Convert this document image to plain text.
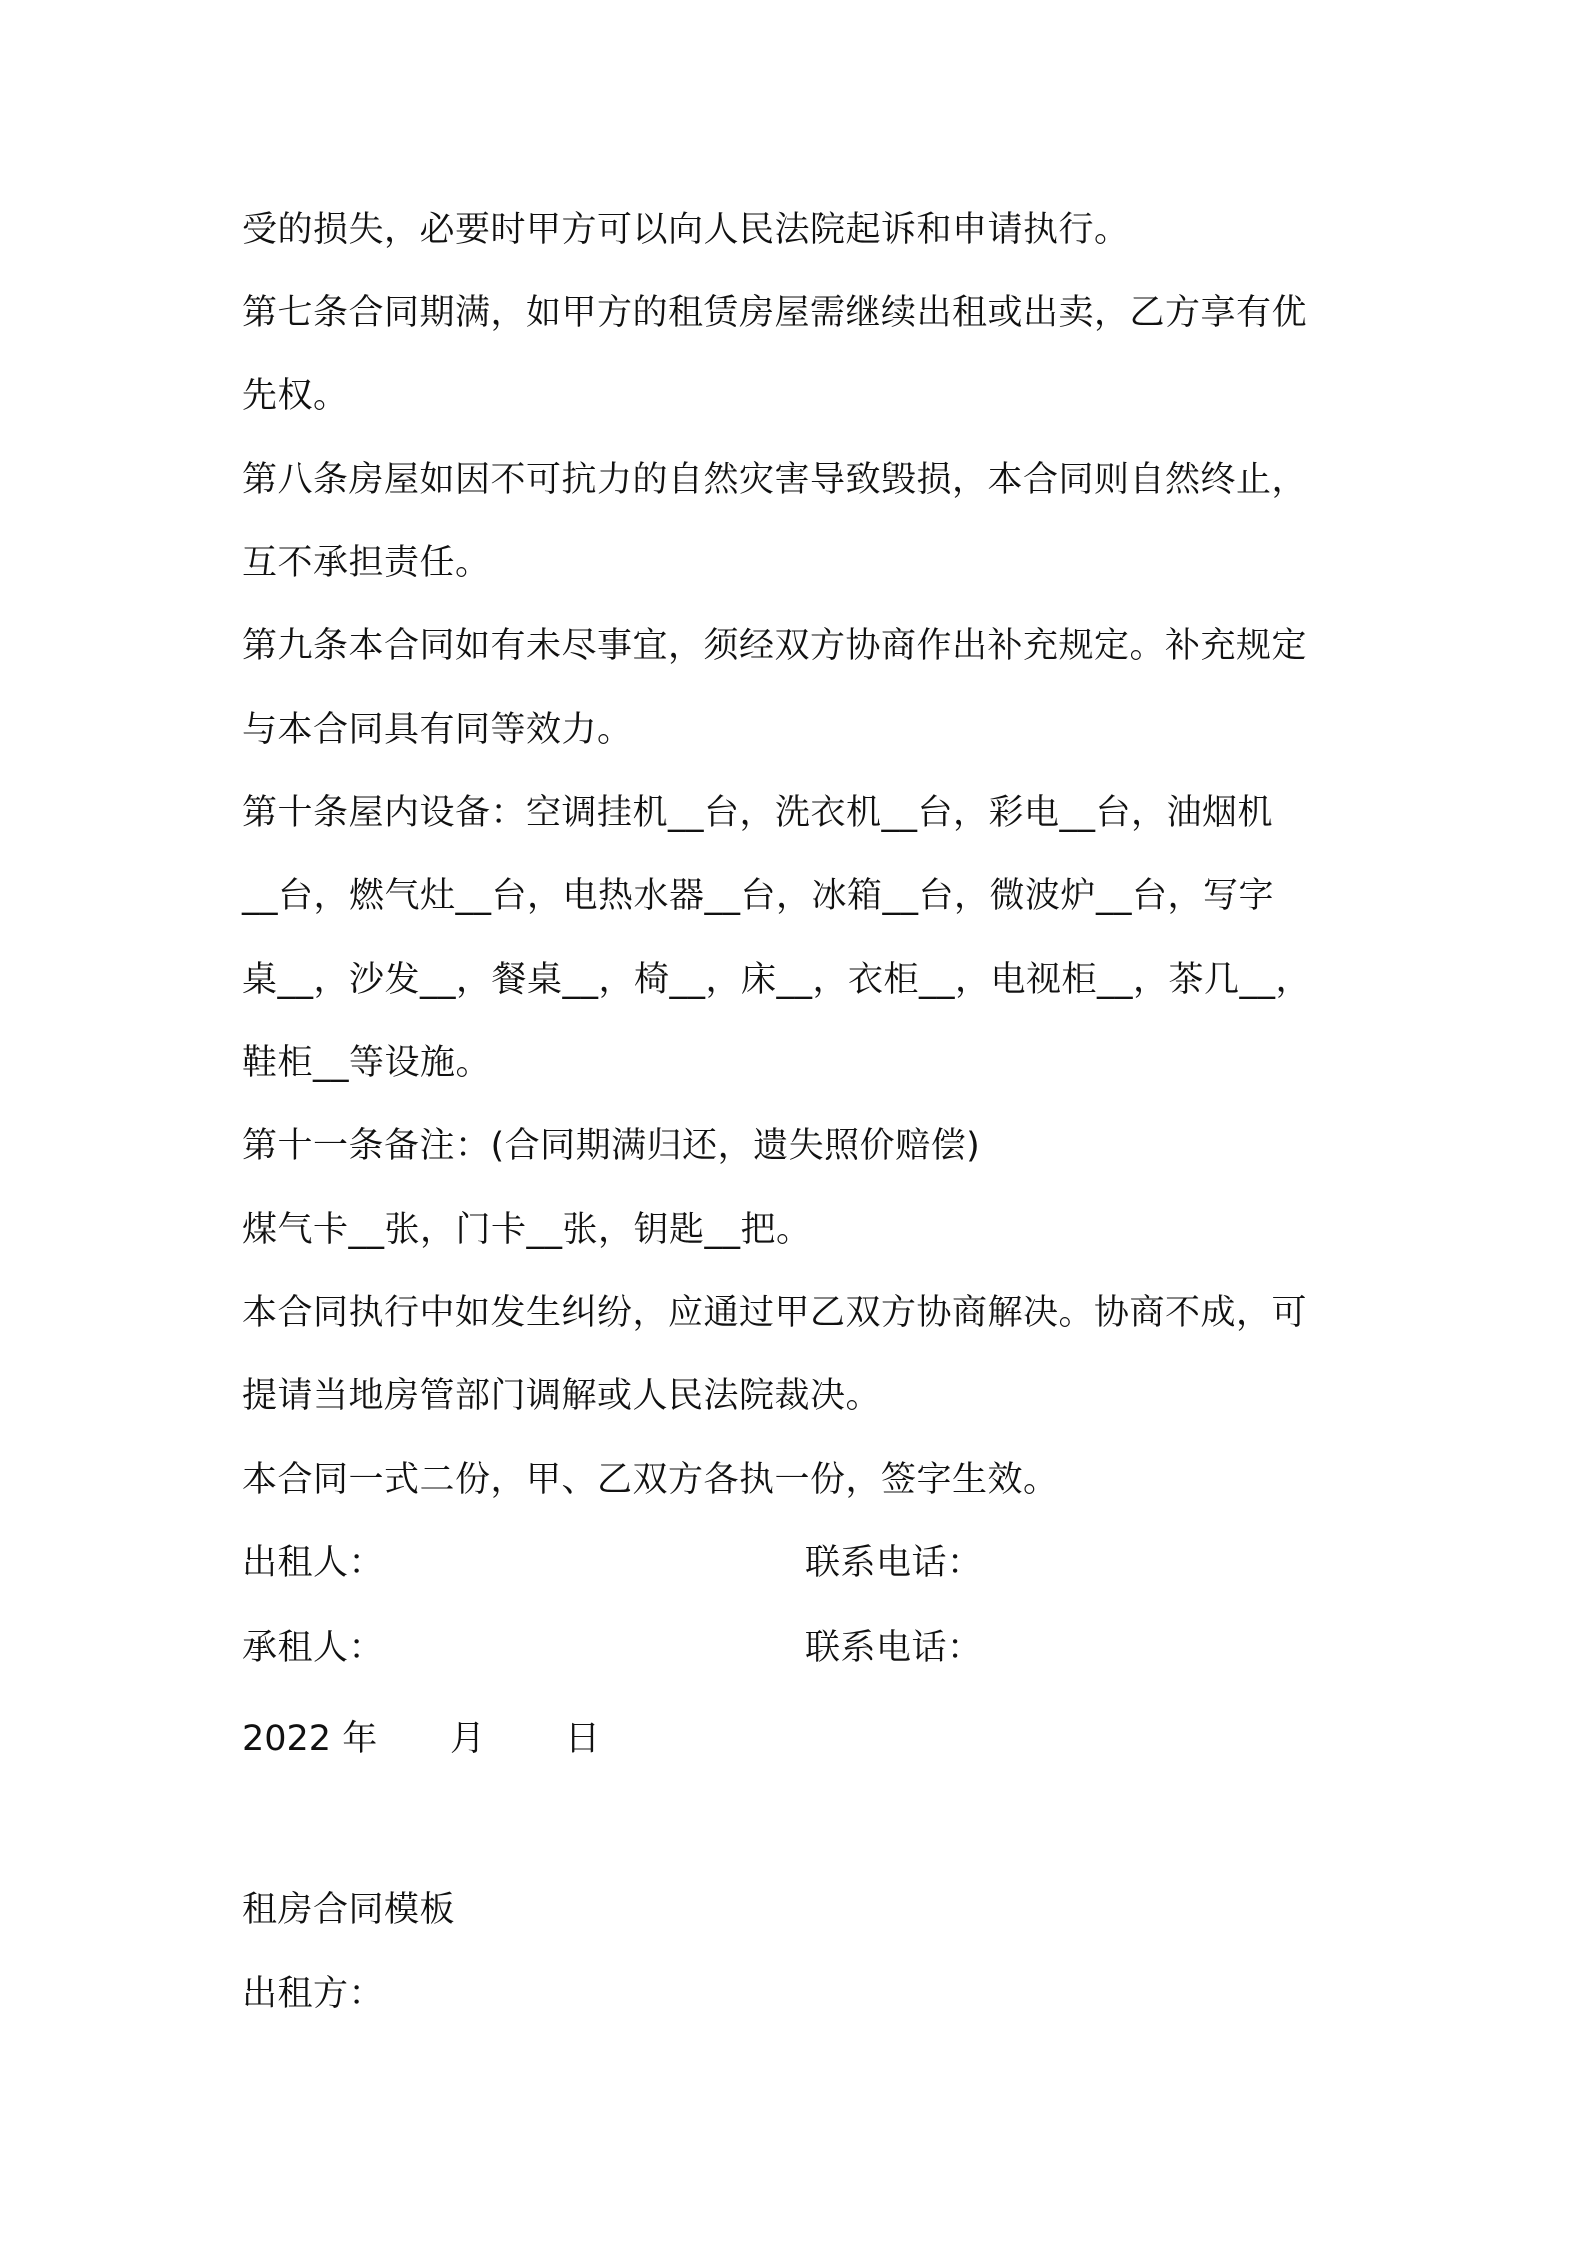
受的损失，必要时甲方可以向人民法院起诉和申请执行。
第七条合同期满，如甲方的租赁房屋需继续出租或出卖，乙方享有优
先权。
第八条房屋如因不可抗力的自然灾害导致毁损，本合同则自然终止，
互不承担责任。
第九条本合同如有未尽事宜，须经双方协商作出补充规定。补充规定
与本合同具有同等效力。
第十条屋内设备：空调挂机__台，洗衣机__台，彩电__台，油烟机
__台，燃气灶__台，电热水器__台，冰箱__台，微波炉__台，写字
桌__，沙发__，餐桌__，椅__，床__，衣柜__，电视柜__，茶几__，
鞋柜__等设施。
第十一条备注：(合同期满归还，遗失照价赔偿)
煤气卡__张，门卡__张，钥匙__把。
本合同执行中如发生纠纷，应通过甲乙双方协商解决。协商不成，可
提请当地房管部门调解或人民法院裁决。
本合同一式二份，甲、乙双方各执一份，签字生效。
出租人：	联系电话：
承租人：	联系电话：
2022 年 月 日
租房合同模板
出租方：
